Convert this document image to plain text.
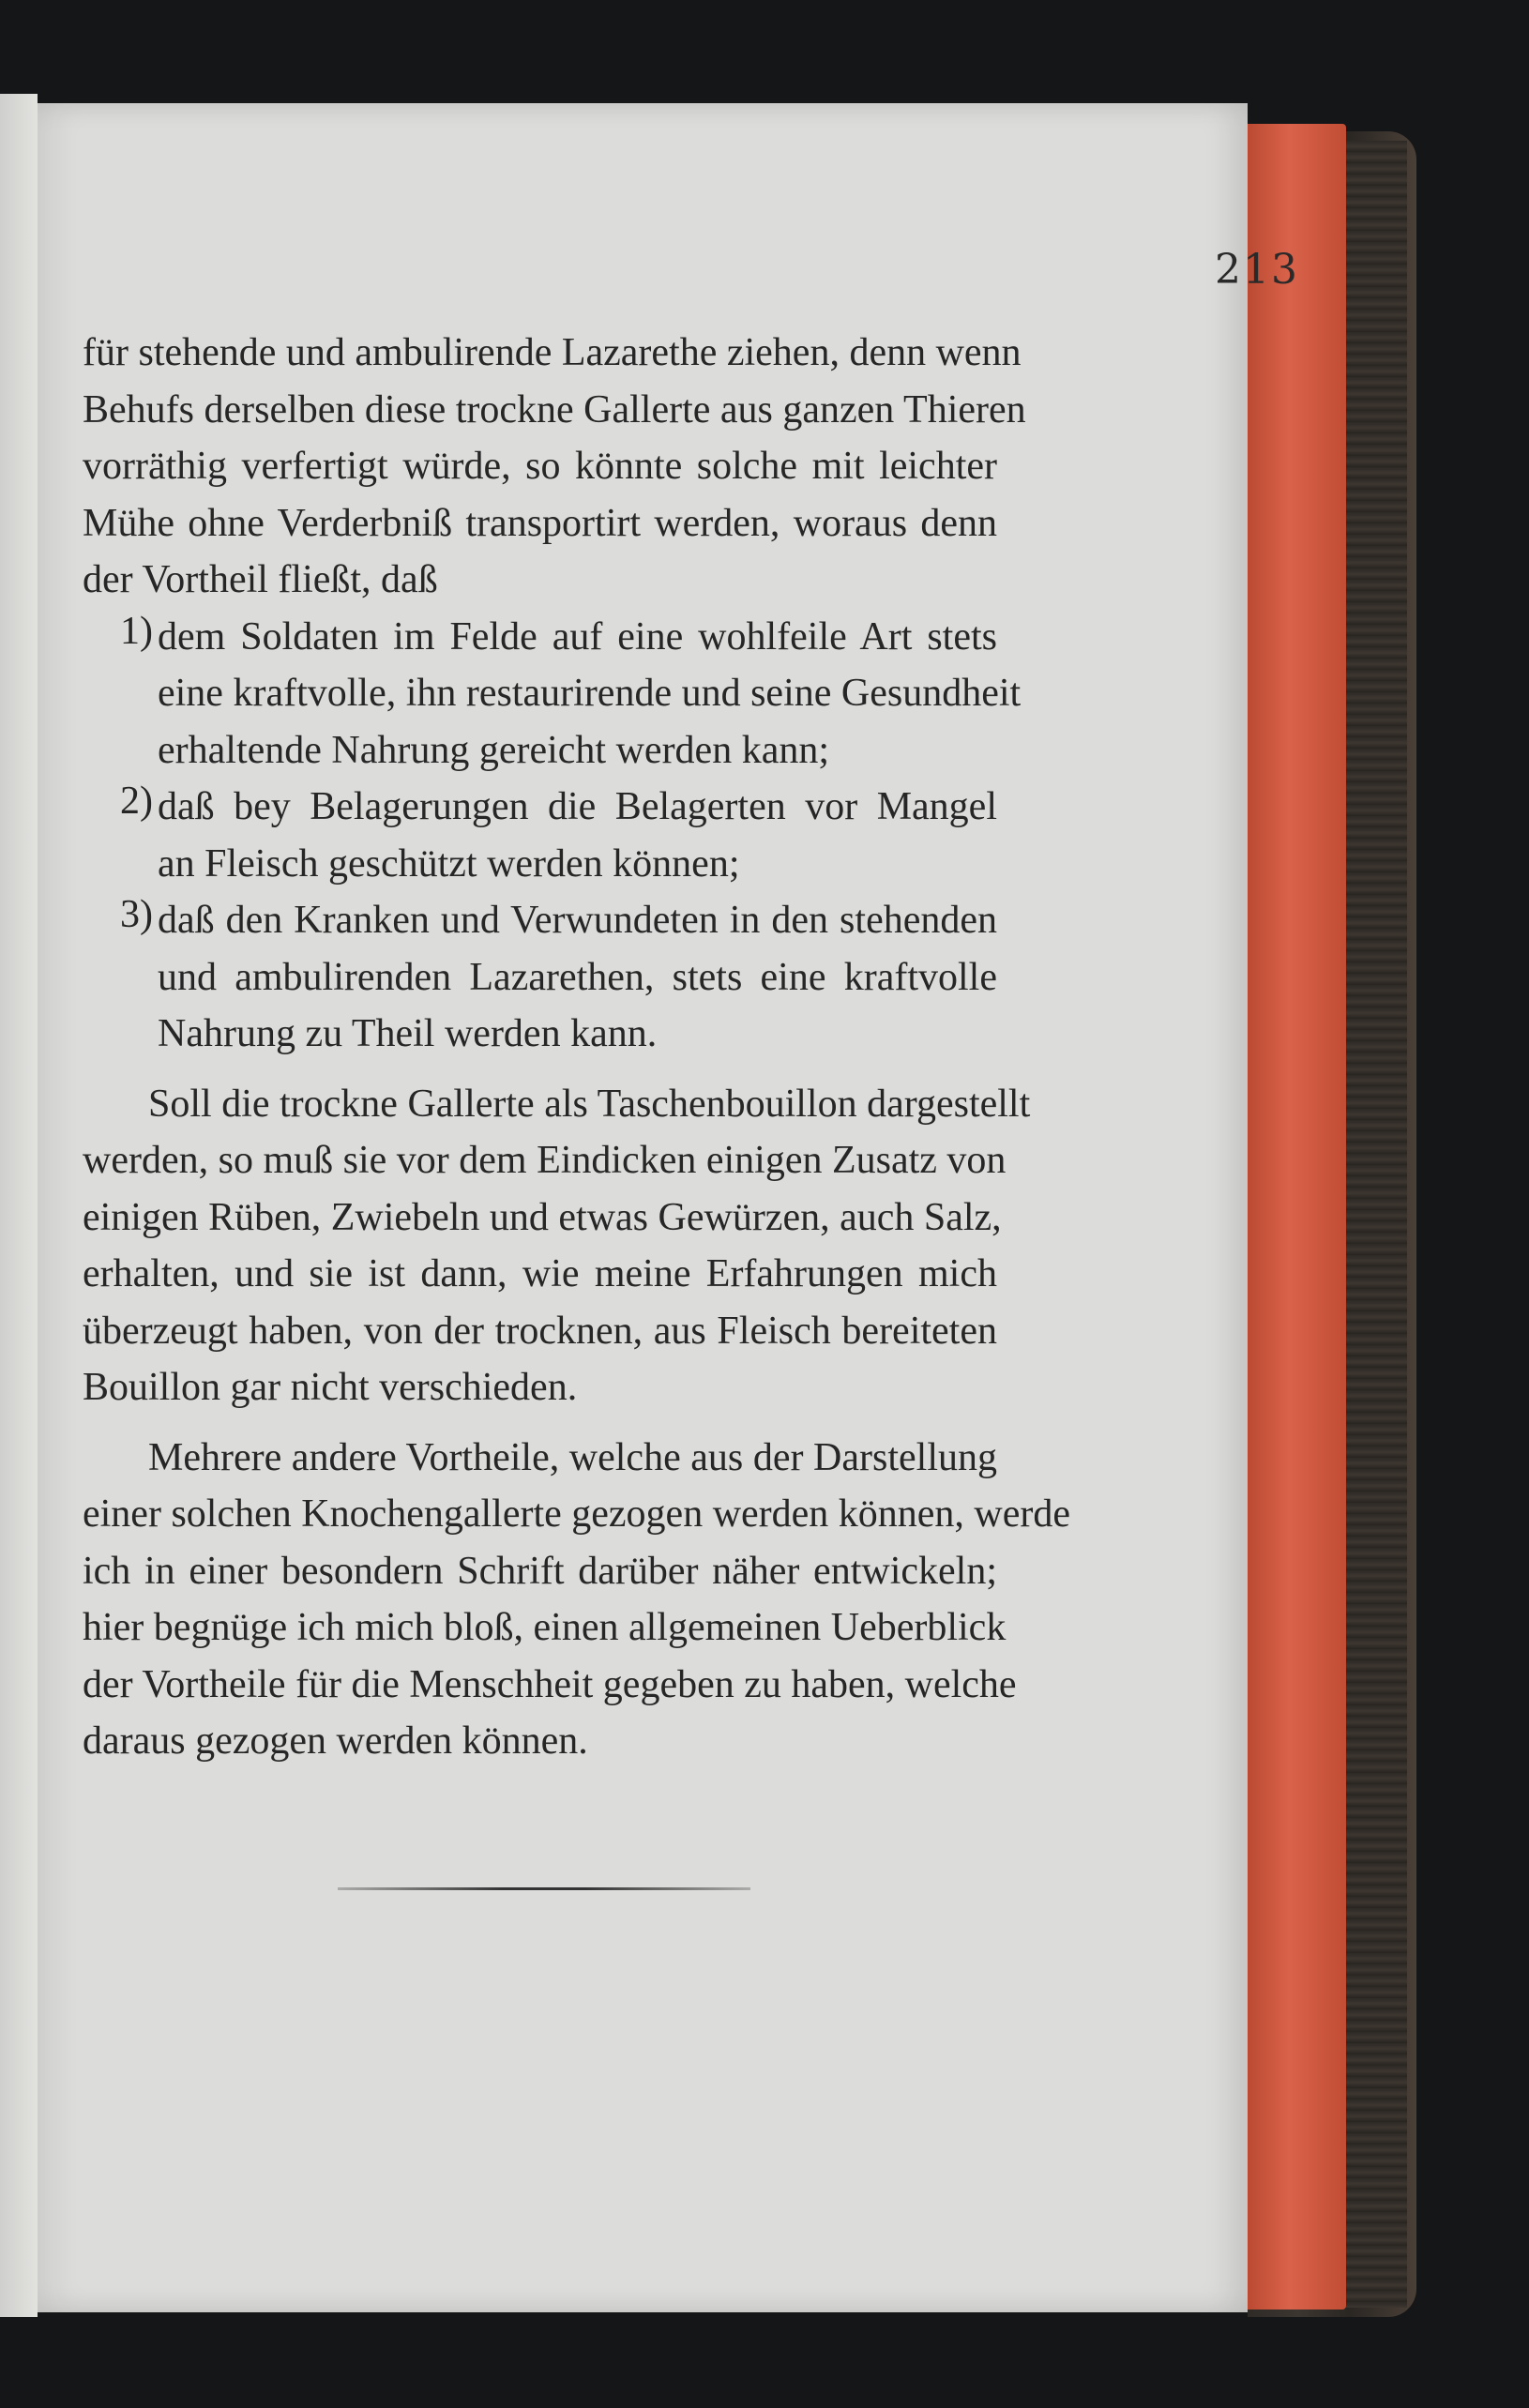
213
für stehende und ambulirende Lazarethe ziehen, denn wenn
Behufs derselben diese trockne Gallerte aus ganzen Thieren
vorräthig verfertigt würde, so könnte solche mit leichter
Mühe ohne Verderbniß transportirt werden, woraus denn
der Vortheil fließt, daß
1) dem Soldaten im Felde auf eine wohlfeile Art stets
eine kraftvolle, ihn restaurirende und seine Gesundheit
erhaltende Nahrung gereicht werden kann;
2) daß bey Belagerungen die Belagerten vor Mangel
an Fleisch geschützt werden können;
3) daß den Kranken und Verwundeten in den stehenden
und ambulirenden Lazarethen, stets eine kraftvolle
Nahrung zu Theil werden kann.
Soll die trockne Gallerte als Taschenbouillon dargestellt
werden, so muß sie vor dem Eindicken einigen Zusatz von
einigen Rüben, Zwiebeln und etwas Gewürzen, auch Salz,
erhalten, und sie ist dann, wie meine Erfahrungen mich
überzeugt haben, von der trocknen, aus Fleisch bereiteten
Bouillon gar nicht verschieden.
Mehrere andere Vortheile, welche aus der Darstellung
einer solchen Knochengallerte gezogen werden können, werde
ich in einer besondern Schrift darüber näher entwickeln;
hier begnüge ich mich bloß, einen allgemeinen Ueberblick
der Vortheile für die Menschheit gegeben zu haben, welche
daraus gezogen werden können.
